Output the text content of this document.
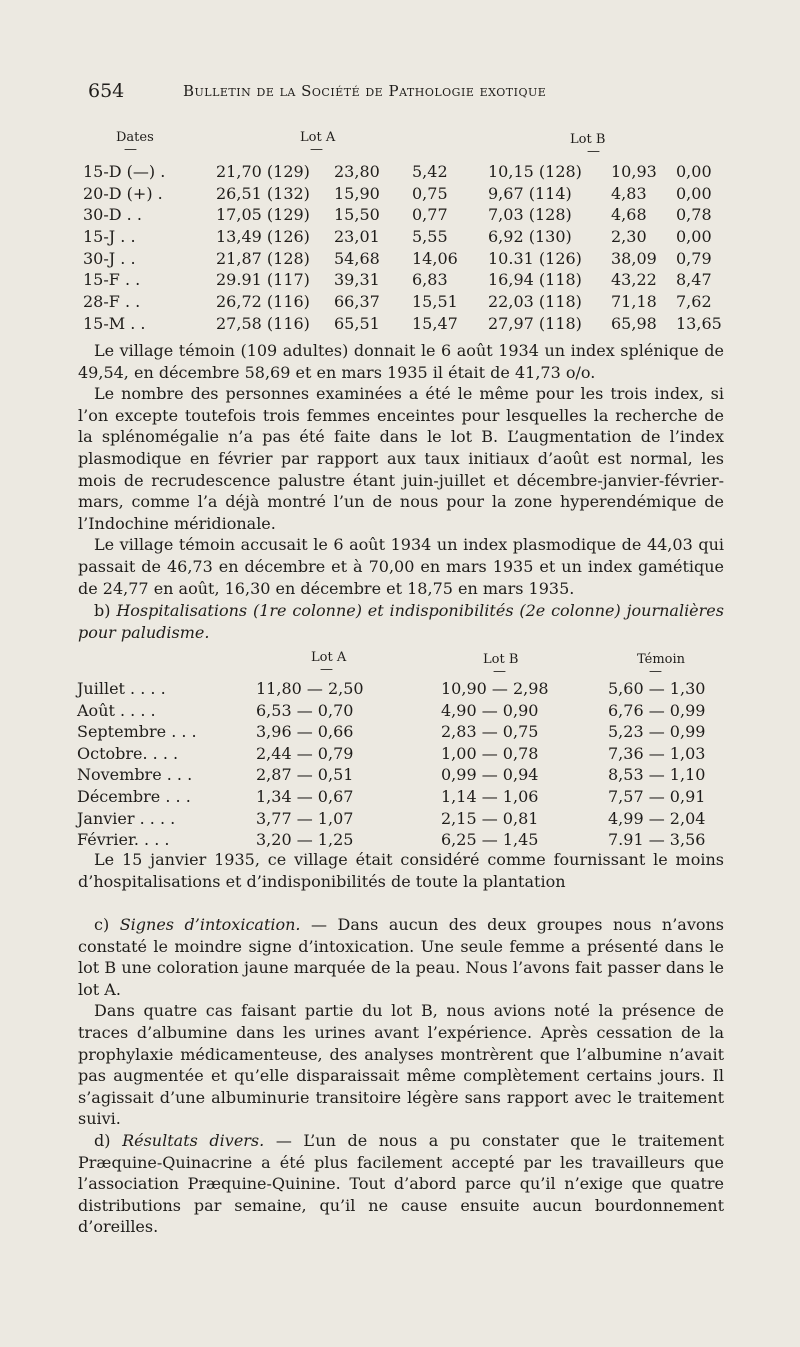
654	Bulletin de la Société de Pathologie exotique
Dates	Lot A	Lot B
—	—	—
15-D (—) .	21,70 (129) 23,80 5,42	10,15 (128) 10,93 0,00
20-D (+) .	26,51 (132) 15,90 0,75	9,67 (114) 4,83 0,00
30-D . .	17,05 (129) 15,50 0,77	7,03 (128) 4,68 0,78
15-J . .	13,49 (126) 23,01 5,55	6,92 (130) 2,30 0,00
30-J . .	21,87 (128) 54,68 14,06 10.31 (126) 38,09 0,79
15-F . .	29.91 (117) 39,31 6,83	16,94 (118) 43,22 8,47
28-F . .	26,72 (116) 66,37 15,51 22,03 (118) 71,18 7,62
15-M . .	27,58 (116) 65,51 15,47 27,97 (118) 65,98 13,65

Le village témoin (109 adultes) donnait le 6 août 1934 un index splénique de 49,54, en décembre 58,69 et en mars 1935 il était de 41,73 o/o.

Le nombre des personnes examinées a été le même pour les trois index, si l’on excepte toutefois trois femmes enceintes pour lesquelles la recherche de la splénomégalie n’a pas été faite dans le lot B. L’augmentation de l’index plasmodique en février par rapport aux taux initiaux d’août est normal, les mois de recrudescence palustre étant juin-juillet et décembre-janvier-février-mars, comme l’a déjà montré l’un de nous pour la zone hyperendémique de l’Indochine méridionale.

Le village témoin accusait le 6 août 1934 un index plasmodique de 44,03 qui passait de 46,73 en décembre et à 70,00 en mars 1935 et un index gamétique de 24,77 en août, 16,30 en décembre et 18,75 en mars 1935.

b) Hospitalisations (1re colonne) et indisponibilités (2e colonne) journalières pour paludisme.

Lot A	Lot B	Témoin
—	—	—
Juillet . . . .	11,80 — 2,50	10,90 — 2,98	5,60 — 1,30
Août . . . .	6,53 — 0,70	4,90 — 0,90	6,76 — 0,99
Septembre . . .	3,96 — 0,66	2,83 — 0,75	5,23 — 0,99
Octobre. . . .	2,44 — 0,79	1,00 — 0,78	7,36 — 1,03
Novembre . . .	2,87 — 0,51	0,99 — 0,94	8,53 — 1,10
Décembre . . .	1,34 — 0,67	1,14 — 1,06	7,57 — 0,91
Janvier . . . .	3,77 — 1,07	2,15 — 0,81	4,99 — 2,04
Février. . . .	3,20 — 1,25	6,25 — 1,45	7.91 — 3,56

Le 15 janvier 1935, ce village était considéré comme fournissant le moins d’hospitalisations et d’indisponibilités de toute la plantation

c) Signes d’intoxication. — Dans aucun des deux groupes nous n’avons constaté le moindre signe d’intoxication. Une seule femme a présenté dans le lot B une coloration jaune marquée de la peau. Nous l’avons fait passer dans le lot A.

Dans quatre cas faisant partie du lot B, nous avions noté la présence de traces d’albumine dans les urines avant l’expérience. Après cessation de la prophylaxie médicamenteuse, des analyses montrèrent que l’albumine n’avait pas augmentée et qu’elle disparaissait même complètement certains jours. Il s’agissait d’une albuminurie transitoire légère sans rapport avec le traitement suivi.

d) Résultats divers. — L’un de nous a pu constater que le traitement Præquine-Quinacrine a été plus facilement accepté par les travailleurs que l’association Præquine-Quinine. Tout d’abord parce qu’il n’exige que quatre distributions par semaine, qu’il ne cause ensuite aucun bourdonnement d’oreilles.
